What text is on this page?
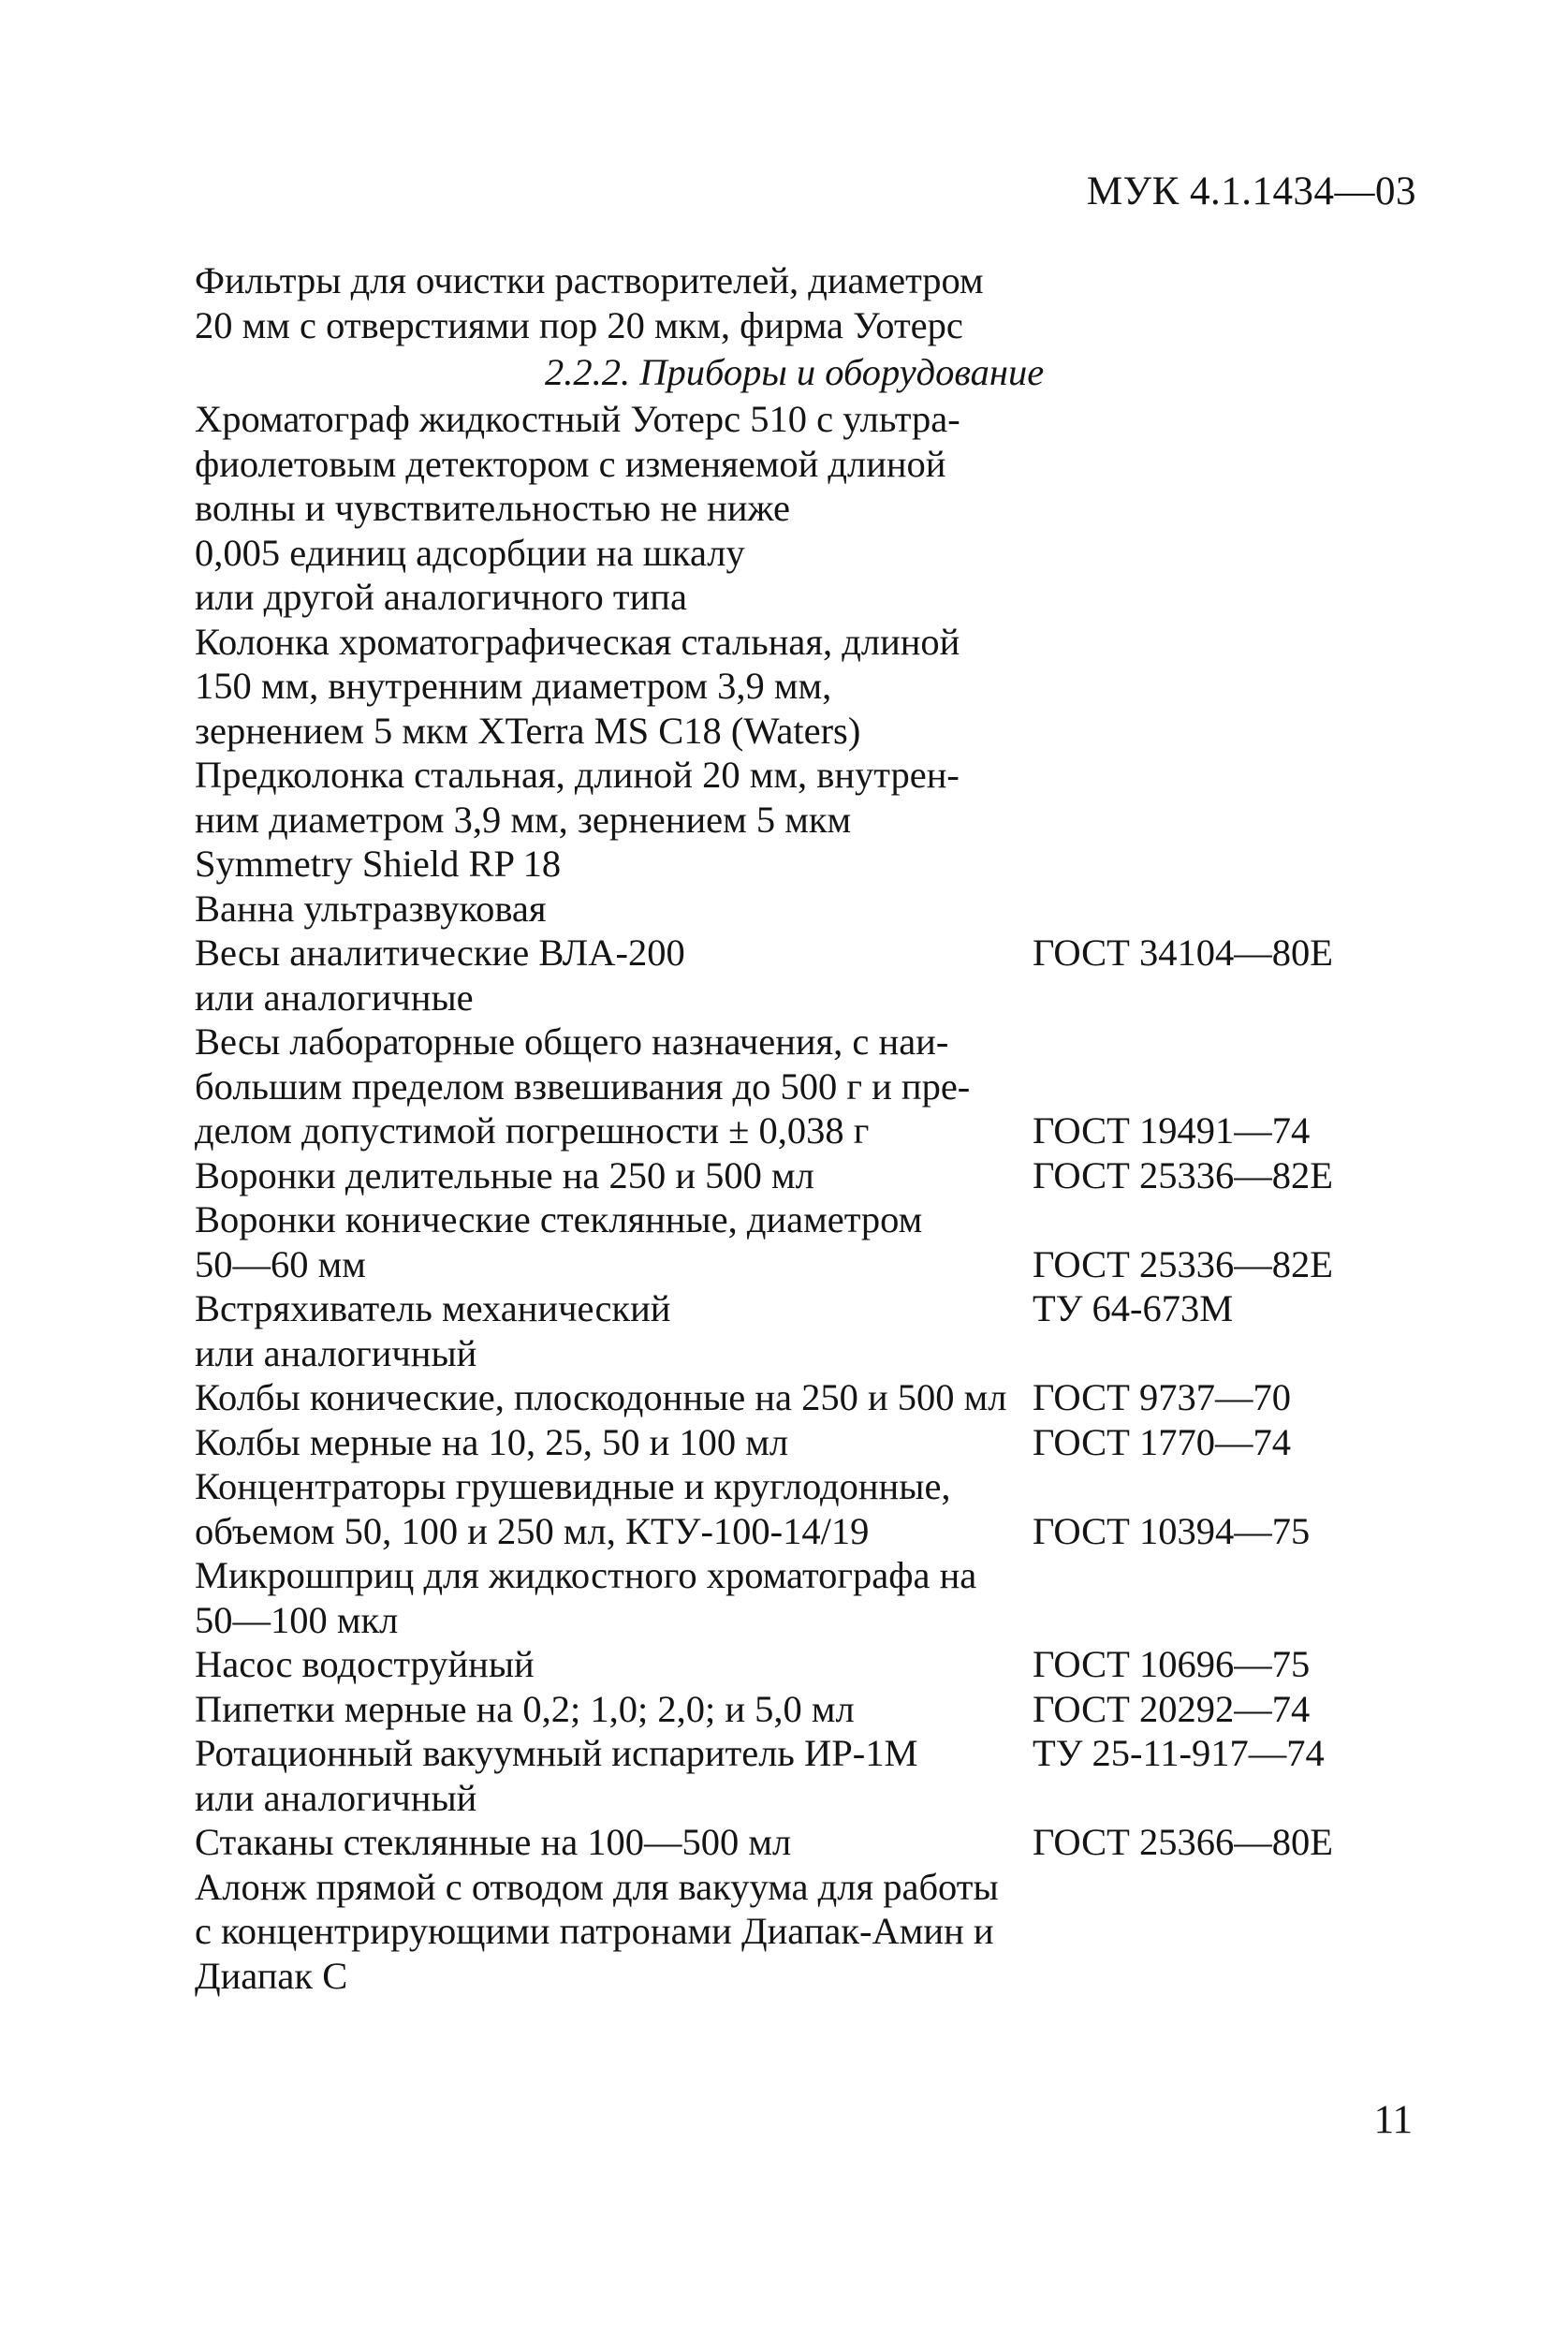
МУК 4.1.1434—03
Фильтры для очистки растворителей, диаметром
20 мм с отверстиями пор 20 мкм, фирма Уотерс
2.2.2. Приборы и оборудование
Хроматограф жидкостный Уотерс 510 с ультра-
фиолетовым детектором с изменяемой длиной
волны и чувствительностью не ниже
0,005 единиц адсорбции на шкалу
или другой аналогичного типа
Колонка хроматографическая стальная, длиной
150 мм, внутренним диаметром 3,9 мм,
зернением 5 мкм XTerra MS C18 (Waters)
Предколонка стальная, длиной 20 мм, внутрен-
ним диаметром 3,9 мм, зернением 5 мкм
Symmetry Shield RP 18
Ванна ультразвуковая
Весы аналитические ВЛА-200	ГОСТ 34104—80Е
или аналогичные
Весы лабораторные общего назначения, с наи-
большим пределом взвешивания до 500 г и пре-
делом допустимой погрешности ± 0,038 г	ГОСТ 19491—74
Воронки делительные на 250 и 500 мл	ГОСТ 25336—82Е
Воронки конические стеклянные, диаметром
50—60 мм	ГОСТ 25336—82Е
Встряхиватель механический	ТУ 64-673М
или аналогичный
Колбы конические, плоскодонные на 250 и 500 мл ГОСТ 9737—70
Колбы мерные на 10, 25, 50 и 100 мл	ГОСТ 1770—74
Концентраторы грушевидные и круглодонные,
объемом 50, 100 и 250 мл, КТУ-100-14/19	ГОСТ 10394—75
Микрошприц для жидкостного хроматографа на
50—100 мкл
Насос водоструйный	ГОСТ 10696—75
Пипетки мерные на 0,2; 1,0; 2,0; и 5,0 мл	ГОСТ 20292—74
Ротационный вакуумный испаритель ИР-1М	ТУ 25-11-917—74
или аналогичный
Стаканы стеклянные на 100—500 мл	ГОСТ 25366—80Е
Алонж прямой с отводом для вакуума для работы
с концентрирующими патронами Диапак-Амин и
Диапак С
11
